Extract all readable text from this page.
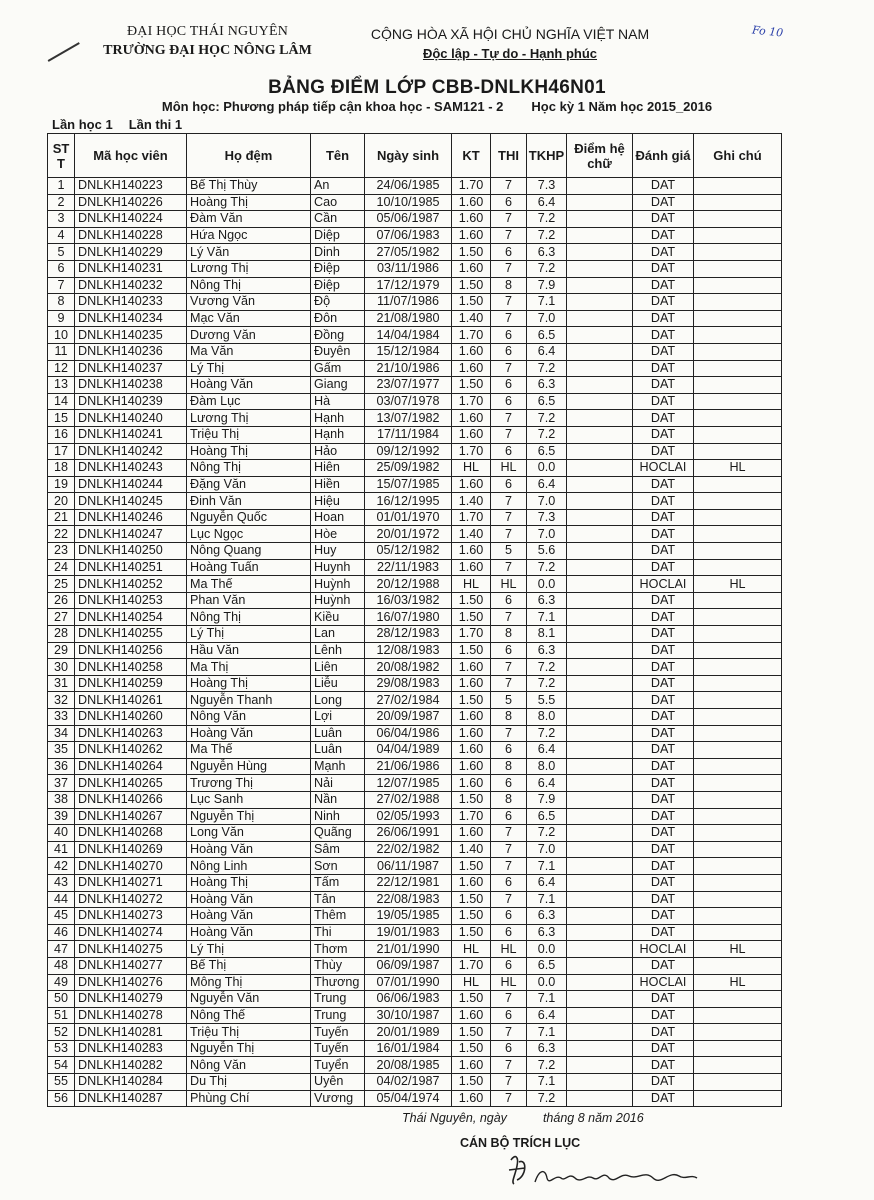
ĐẠI HỌC THÁI NGUYÊN
TRƯỜNG ĐẠI HỌC NÔNG LÂM
CỘNG HÒA XÃ HỘI CHỦ NGHĨA VIỆT NAM
Độc lập - Tự do - Hạnh phúc
Fo 10
BẢNG ĐIỂM LỚP CBB-DNLKH46N01
Môn học: Phương pháp tiếp cận khoa học - SAM121 - 2 Học kỳ 1 Năm học 2015_2016
Lần học 1 Lần thi 1
ST T	Mã học viên	Họ đệm	Tên	Ngày sinh	KT	THI	TKHP	Điểm hệ chữ	Đánh giá	Ghi chú
1	DNLKH140223	Bế Thị Thùy	An	24/06/1985	1.70	7	7.3		DAT	
2	DNLKH140226	Hoàng Thị	Cao	10/10/1985	1.60	6	6.4		DAT	
3	DNLKH140224	Đàm Văn	Cần	05/06/1987	1.60	7	7.2		DAT	
4	DNLKH140228	Hứa Ngọc	Diệp	07/06/1983	1.60	7	7.2		DAT	
5	DNLKH140229	Lý Văn	Dinh	27/05/1982	1.50	6	6.3		DAT	
6	DNLKH140231	Lương Thị	Điệp	03/11/1986	1.60	7	7.2		DAT	
7	DNLKH140232	Nông Thị	Điệp	17/12/1979	1.50	8	7.9		DAT	
8	DNLKH140233	Vương Văn	Độ	11/07/1986	1.50	7	7.1		DAT	
9	DNLKH140234	Mạc Văn	Đôn	21/08/1980	1.40	7	7.0		DAT	
10	DNLKH140235	Dương Văn	Đồng	14/04/1984	1.70	6	6.5		DAT	
11	DNLKH140236	Ma Văn	Đuyên	15/12/1984	1.60	6	6.4		DAT	
12	DNLKH140237	Lý Thị	Gấm	21/10/1986	1.60	7	7.2		DAT	
13	DNLKH140238	Hoàng Văn	Giang	23/07/1977	1.50	6	6.3		DAT	
14	DNLKH140239	Đàm Lục	Hà	03/07/1978	1.70	6	6.5		DAT	
15	DNLKH140240	Lương Thị	Hạnh	13/07/1982	1.60	7	7.2		DAT	
16	DNLKH140241	Triệu Thị	Hạnh	17/11/1984	1.60	7	7.2		DAT	
17	DNLKH140242	Hoàng Thị	Hảo	09/12/1992	1.70	6	6.5		DAT	
18	DNLKH140243	Nông Thị	Hiên	25/09/1982	HL	HL	0.0		HOCLAI	HL
19	DNLKH140244	Đặng Văn	Hiền	15/07/1985	1.60	6	6.4		DAT	
20	DNLKH140245	Đinh Văn	Hiệu	16/12/1995	1.40	7	7.0		DAT	
21	DNLKH140246	Nguyễn Quốc	Hoan	01/01/1970	1.70	7	7.3		DAT	
22	DNLKH140247	Lục Ngọc	Hòe	20/01/1972	1.40	7	7.0		DAT	
23	DNLKH140250	Nông Quang	Huy	05/12/1982	1.60	5	5.6		DAT	
24	DNLKH140251	Hoàng Tuấn	Huynh	22/11/1983	1.60	7	7.2		DAT	
25	DNLKH140252	Ma Thế	Huỳnh	20/12/1988	HL	HL	0.0		HOCLAI	HL
26	DNLKH140253	Phan Văn	Huỳnh	16/03/1982	1.50	6	6.3		DAT	
27	DNLKH140254	Nông Thị	Kiều	16/07/1980	1.50	7	7.1		DAT	
28	DNLKH140255	Lý Thị	Lan	28/12/1983	1.70	8	8.1		DAT	
29	DNLKH140256	Hầu Văn	Lênh	12/08/1983	1.50	6	6.3		DAT	
30	DNLKH140258	Ma Thị	Liên	20/08/1982	1.60	7	7.2		DAT	
31	DNLKH140259	Hoàng Thị	Liễu	29/08/1983	1.60	7	7.2		DAT	
32	DNLKH140261	Nguyễn Thanh	Long	27/02/1984	1.50	5	5.5		DAT	
33	DNLKH140260	Nông Văn	Lợi	20/09/1987	1.60	8	8.0		DAT	
34	DNLKH140263	Hoàng Văn	Luân	06/04/1986	1.60	7	7.2		DAT	
35	DNLKH140262	Ma Thế	Luân	04/04/1989	1.60	6	6.4		DAT	
36	DNLKH140264	Nguyễn Hùng	Mạnh	21/06/1986	1.60	8	8.0		DAT	
37	DNLKH140265	Trương Thị	Nải	12/07/1985	1.60	6	6.4		DAT	
38	DNLKH140266	Lục Sanh	Nần	27/02/1988	1.50	8	7.9		DAT	
39	DNLKH140267	Nguyễn Thị	Ninh	02/05/1993	1.70	6	6.5		DAT	
40	DNLKH140268	Long Văn	Quãng	26/06/1991	1.60	7	7.2		DAT	
41	DNLKH140269	Hoàng Văn	Sâm	22/02/1982	1.40	7	7.0		DAT	
42	DNLKH140270	Nông Linh	Sơn	06/11/1987	1.50	7	7.1		DAT	
43	DNLKH140271	Hoàng Thị	Tấm	22/12/1981	1.60	6	6.4		DAT	
44	DNLKH140272	Hoàng Văn	Tân	22/08/1983	1.50	7	7.1		DAT	
45	DNLKH140273	Hoàng Văn	Thêm	19/05/1985	1.50	6	6.3		DAT	
46	DNLKH140274	Hoàng Văn	Thi	19/01/1983	1.50	6	6.3		DAT	
47	DNLKH140275	Lý Thị	Thơm	21/01/1990	HL	HL	0.0		HOCLAI	HL
48	DNLKH140277	Bế Thị	Thùy	06/09/1987	1.70	6	6.5		DAT	
49	DNLKH140276	Mông Thị	Thương	07/01/1990	HL	HL	0.0		HOCLAI	HL
50	DNLKH140279	Nguyễn Văn	Trung	06/06/1983	1.50	7	7.1		DAT	
51	DNLKH140278	Nông Thế	Trung	30/10/1987	1.60	6	6.4		DAT	
52	DNLKH140281	Triệu Thị	Tuyến	20/01/1989	1.50	7	7.1		DAT	
53	DNLKH140283	Nguyễn Thị	Tuyến	16/01/1984	1.50	6	6.3		DAT	
54	DNLKH140282	Nông Văn	Tuyển	20/08/1985	1.60	7	7.2		DAT	
55	DNLKH140284	Du Thị	Uyên	04/02/1987	1.50	7	7.1		DAT	
56	DNLKH140287	Phùng Chí	Vương	05/04/1974	1.60	7	7.2		DAT	
Thái Nguyên, ngày	tháng 8 năm 2016
CÁN BỘ TRÍCH LỤC
